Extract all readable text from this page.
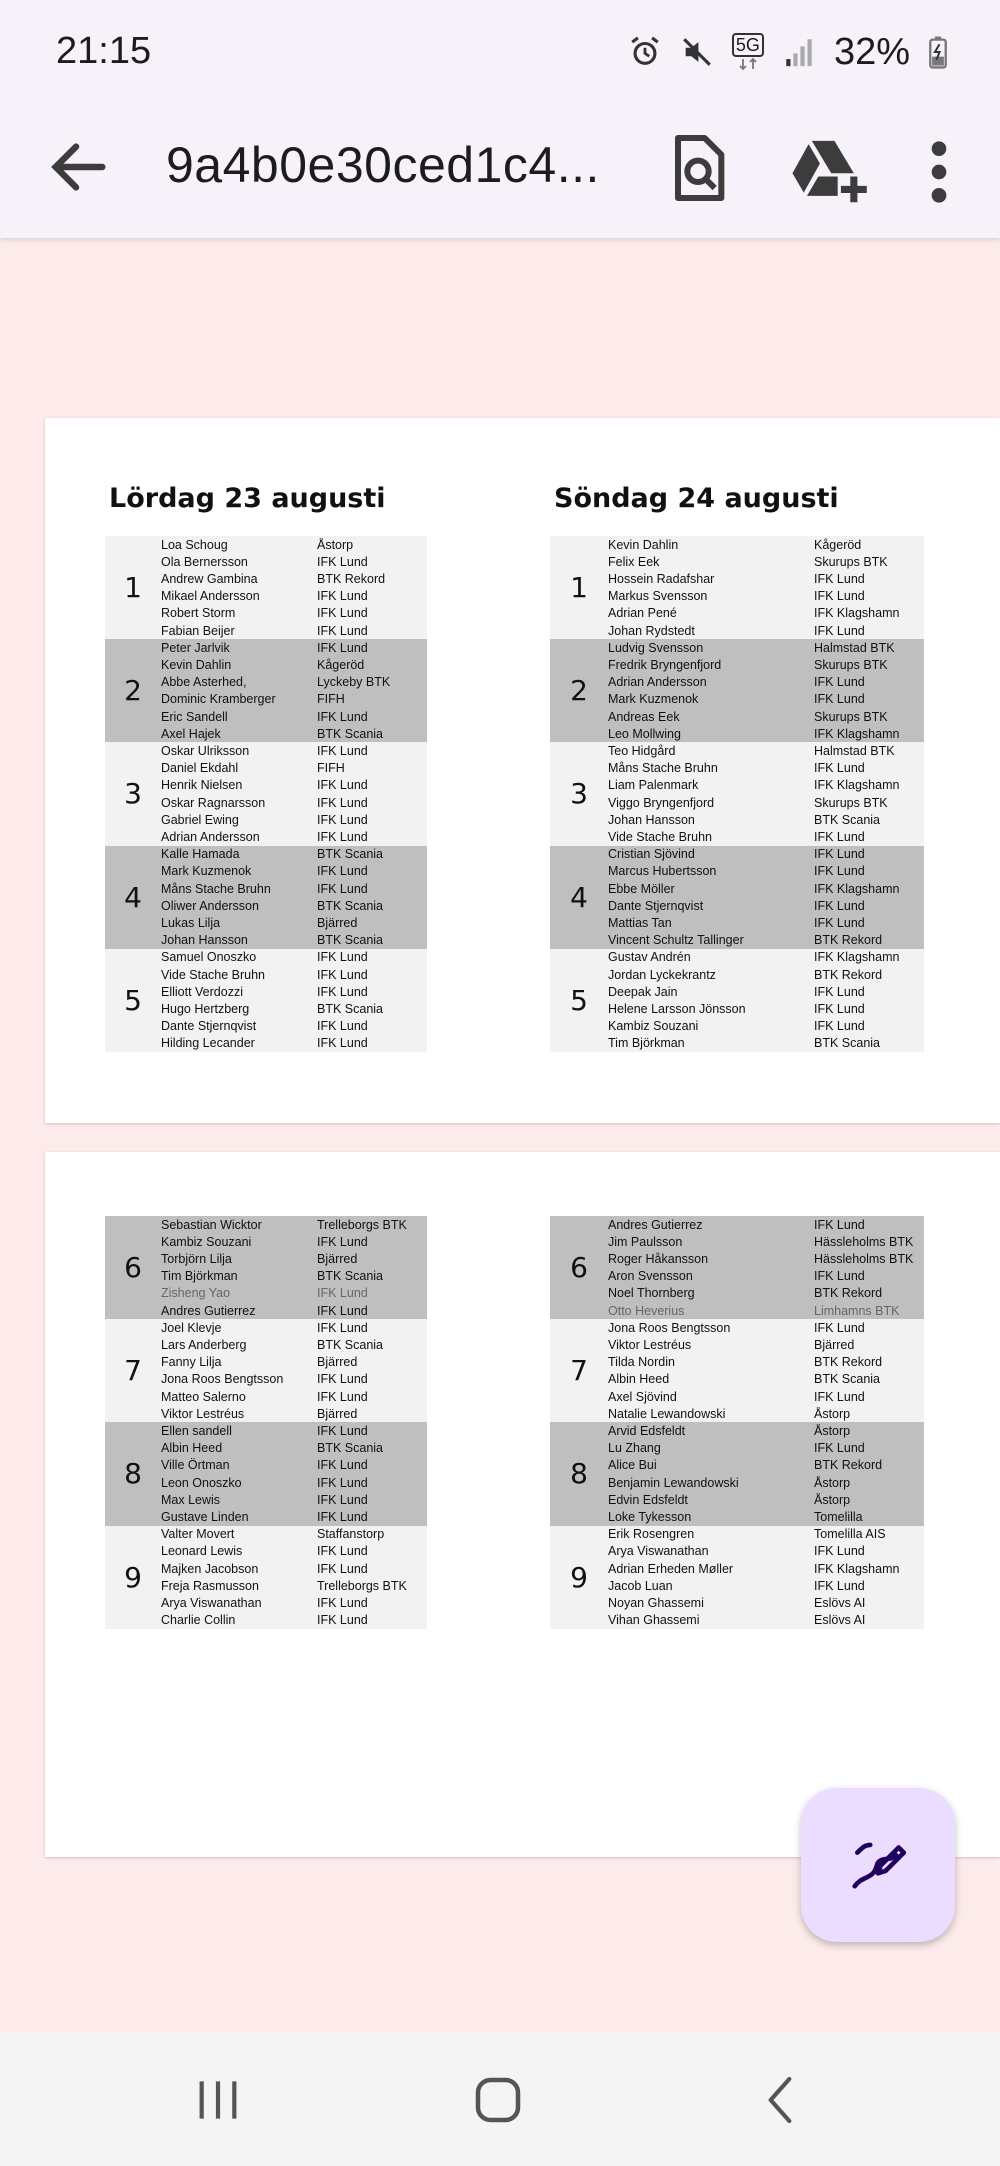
21:15	5G 32%
9a4b0e30ced1c4...
Lördag 23 augusti	Söndag 24 augusti
1
Loa Schoug	Åstorp
Ola Bernersson	IFK Lund
Andrew Gambina	BTK Rekord
Mikael Andersson	IFK Lund
Robert Storm	IFK Lund
Fabian Beijer	IFK Lund
2
Peter Jarlvik	IFK Lund
Kevin Dahlin	Kågeröd
Abbe Asterhed,	Lyckeby BTK
Dominic Kramberger	FIFH
Eric Sandell	IFK Lund
Axel Hajek	BTK Scania
3
Oskar Ulriksson	IFK Lund
Daniel Ekdahl	FIFH
Henrik Nielsen	IFK Lund
Oskar Ragnarsson	IFK Lund
Gabriel Ewing	IFK Lund
Adrian Andersson	IFK Lund
4
Kalle Hamada	BTK Scania
Mark Kuzmenok	IFK Lund
Måns Stache Bruhn	IFK Lund
Oliwer Andersson	BTK Scania
Lukas Lilja	Bjärred
Johan Hansson	BTK Scania
5
Samuel Onoszko	IFK Lund
Vide Stache Bruhn	IFK Lund
Elliott Verdozzi	IFK Lund
Hugo Hertzberg	BTK Scania
Dante Stjernqvist	IFK Lund
Hilding Lecander	IFK Lund
1
Kevin Dahlin	Kågeröd
Felix Eek	Skurups BTK
Hossein Radafshar	IFK Lund
Markus Svensson	IFK Lund
Adrian Pené	IFK Klagshamn
Johan Rydstedt	IFK Lund
2
Ludvig Svensson	Halmstad BTK
Fredrik Bryngenfjord	Skurups BTK
Adrian Andersson	IFK Lund
Mark Kuzmenok	IFK Lund
Andreas Eek	Skurups BTK
Leo Mollwing	IFK Klagshamn
3
Teo Hidgård	Halmstad BTK
Måns Stache Bruhn	IFK Lund
Liam Palenmark	IFK Klagshamn
Viggo Bryngenfjord	Skurups BTK
Johan Hansson	BTK Scania
Vide Stache Bruhn	IFK Lund
4
Cristian Sjövind	IFK Lund
Marcus Hubertsson	IFK Lund
Ebbe Möller	IFK Klagshamn
Dante Stjernqvist	IFK Lund
Mattias Tan	IFK Lund
Vincent Schultz Tallinger	BTK Rekord
5
Gustav Andrén	IFK Klagshamn
Jordan Lyckekrantz	BTK Rekord
Deepak Jain	IFK Lund
Helene Larsson Jönsson	IFK Lund
Kambiz Souzani	IFK Lund
Tim Björkman	BTK Scania
6
Sebastian Wicktor	Trelleborgs BTK
Kambiz Souzani	IFK Lund
Torbjörn Lilja	Bjärred
Tim Björkman	BTK Scania
Zisheng Yao	IFK Lund
Andres Gutierrez	IFK Lund
7
Joel Klevje	IFK Lund
Lars Anderberg	BTK Scania
Fanny Lilja	Bjärred
Jona Roos Bengtsson	IFK Lund
Matteo Salerno	IFK Lund
Viktor Lestréus	Bjärred
8
Ellen sandell	IFK Lund
Albin Heed	BTK Scania
Ville Örtman	IFK Lund
Leon Onoszko	IFK Lund
Max Lewis	IFK Lund
Gustave Linden	IFK Lund
9
Valter Movert	Staffanstorp
Leonard Lewis	IFK Lund
Majken Jacobson	IFK Lund
Freja Rasmusson	Trelleborgs BTK
Arya Viswanathan	IFK Lund
Charlie Collin	IFK Lund
6
Andres Gutierrez	IFK Lund
Jim Paulsson	Hässleholms BTK
Roger Håkansson	Hässleholms BTK
Aron Svensson	IFK Lund
Noel Thornberg	BTK Rekord
Otto Heverius	Limhamns BTK
7
Jona Roos Bengtsson	IFK Lund
Viktor Lestréus	Bjärred
Tilda Nordin	BTK Rekord
Albin Heed	BTK Scania
Axel Sjövind	IFK Lund
Natalie Lewandowski	Åstorp
8
Arvid Edsfeldt	Åstorp
Lu Zhang	IFK Lund
Alice Bui	BTK Rekord
Benjamin Lewandowski	Åstorp
Edvin Edsfeldt	Åstorp
Loke Tykesson	Tomelilla
9
Erik Rosengren	Tomelilla AIS
Arya Viswanathan	IFK Lund
Adrian Erheden Møller	IFK Klagshamn
Jacob Luan	IFK Lund
Noyan Ghassemi	Eslövs AI
Vihan Ghassemi	Eslövs AI
